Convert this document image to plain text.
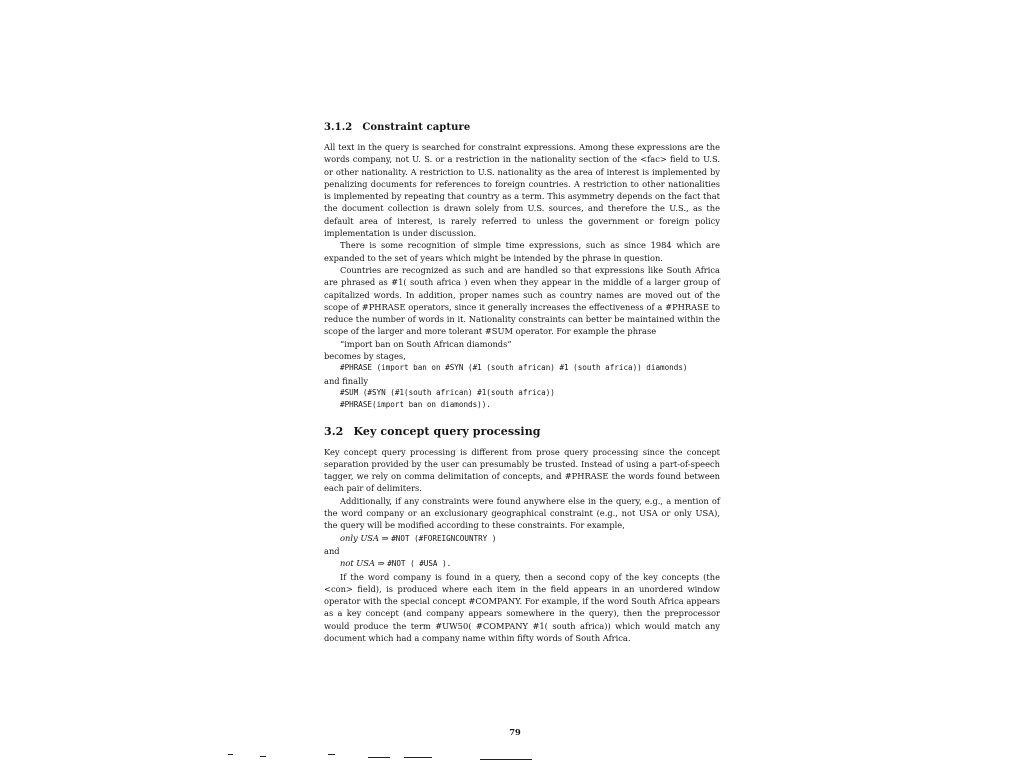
3.1.2 Constraint capture

All text in the query is searched for constraint expressions. Among these expressions are the words company, not U. S. or a restriction in the nationality section of the <fac> field to U.S. or other nationality. A restriction to U.S. nationality as the area of interest is implemented by penalizing documents for references to foreign countries. A restriction to other nationalities is implemented by repeating that country as a term. This asymmetry depends on the fact that the document collection is drawn solely from U.S. sources, and therefore the U.S., as the default area of interest, is rarely referred to unless the government or foreign policy implementation is under discussion.

There is some recognition of simple time expressions, such as since 1984 which are expanded to the set of years which might be intended by the phrase in question.

Countries are recognized as such and are handled so that expressions like South Africa are phrased as #1( south africa ) even when they appear in the middle of a larger group of capitalized words. In addition, proper names such as country names are moved out of the scope of #PHRASE operators, since it generally increases the effectiveness of a #PHRASE to reduce the number of words in it. Nationality constraints can better be maintained within the scope of the larger and more tolerant #SUM operator. For example the phrase

“import ban on South African diamonds”
becomes by stages,
#PHRASE (import ban on #SYN (#1 (south african) #1 (south africa)) diamonds)
and finally
#SUM (#SYN (#1(south african) #1(south africa))
#PHRASE(import ban on diamonds)).
3.2 Key concept query processing

Key concept query processing is different from prose query processing since the concept separation provided by the user can presumably be trusted. Instead of using a part-of-speech tagger, we rely on comma delimitation of concepts, and #PHRASE the words found between each pair of delimiters.

Additionally, if any constraints were found anywhere else in the query, e.g., a mention of the word company or an exclusionary geographical constraint (e.g., not USA or only USA), the query will be modified according to these constraints. For example,

only USA ⇒ #NOT (#FOREIGNCOUNTRY )
and
not USA ⇒ #NOT ( #USA ).

If the word company is found in a query, then a second copy of the key concepts (the <con> field), is produced where each item in the field appears in an unordered window operator with the special concept #COMPANY. For example, if the word South Africa appears as a key concept (and company appears somewhere in the query), then the preprocessor would produce the term #UW50( #COMPANY #1( south africa)) which would match any document which had a company name within fifty words of South Africa.

79
